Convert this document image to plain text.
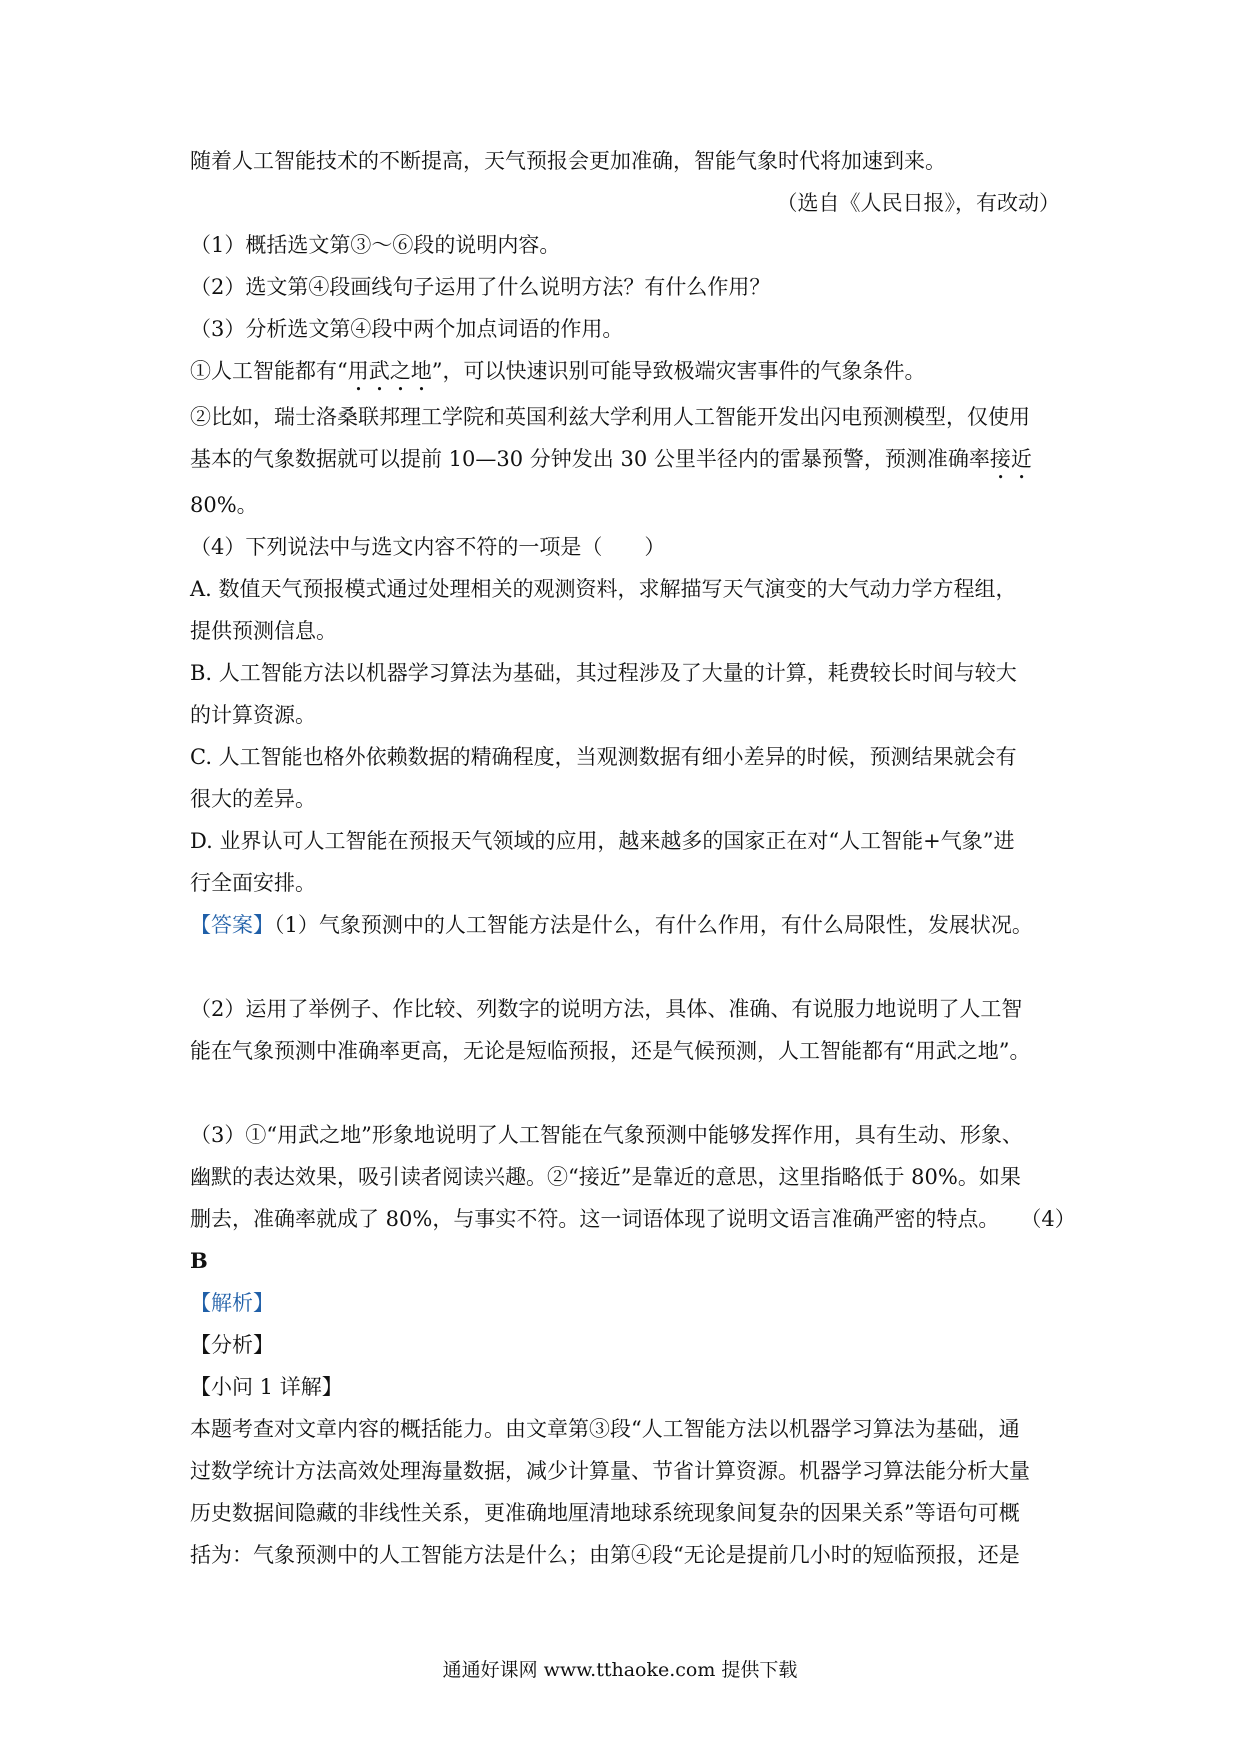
随着人工智能技术的不断提高，天气预报会更加准确，智能气象时代将加速到来。
（选自《人民日报》，有改动）
（1）概括选文第③～⑥段的说明内容。
（2）选文第④段画线句子运用了什么说明方法？有什么作用？
（3）分析选文第④段中两个加点词语的作用。
①人工智能都有“用武之地”，可以快速识别可能导致极端灾害事件的气象条件。
②比如，瑞士洛桑联邦理工学院和英国利兹大学利用人工智能开发出闪电预测模型，仅使用
基本的气象数据就可以提前 10—30 分钟发出 30 公里半径内的雷暴预警，预测准确率接近
80%。
（4）下列说法中与选文内容不符的一项是（　　）
A. 数值天气预报模式通过处理相关的观测资料，求解描写天气演变的大气动力学方程组，
提供预测信息。
B. 人工智能方法以机器学习算法为基础，其过程涉及了大量的计算，耗费较长时间与较大
的计算资源。
C. 人工智能也格外依赖数据的精确程度，当观测数据有细小差异的时候，预测结果就会有
很大的差异。
D. 业界认可人工智能在预报天气领域的应用，越来越多的国家正在对“人工智能+气象”进
行全面安排。
【答案】（1）气象预测中的人工智能方法是什么，有什么作用，有什么局限性，发展状况。
（2）运用了举例子、作比较、列数字的说明方法，具体、准确、有说服力地说明了人工智
能在气象预测中准确率更高，无论是短临预报，还是气候预测，人工智能都有“用武之地”。
（3）①“用武之地”形象地说明了人工智能在气象预测中能够发挥作用，具有生动、形象、
幽默的表达效果，吸引读者阅读兴趣。②“接近”是靠近的意思，这里指略低于 80%。如果
删去，准确率就成了 80%，与事实不符。这一词语体现了说明文语言准确严密的特点。　　（4）
B
【解析】
【分析】
【小问 1 详解】
本题考查对文章内容的概括能力。由文章第③段“人工智能方法以机器学习算法为基础，通
过数学统计方法高效处理海量数据，减少计算量、节省计算资源。机器学习算法能分析大量
历史数据间隐藏的非线性关系，更准确地厘清地球系统现象间复杂的因果关系”等语句可概
括为：气象预测中的人工智能方法是什么；由第④段“无论是提前几小时的短临预报，还是
通通好课网 www.tthaoke.com 提供下载
